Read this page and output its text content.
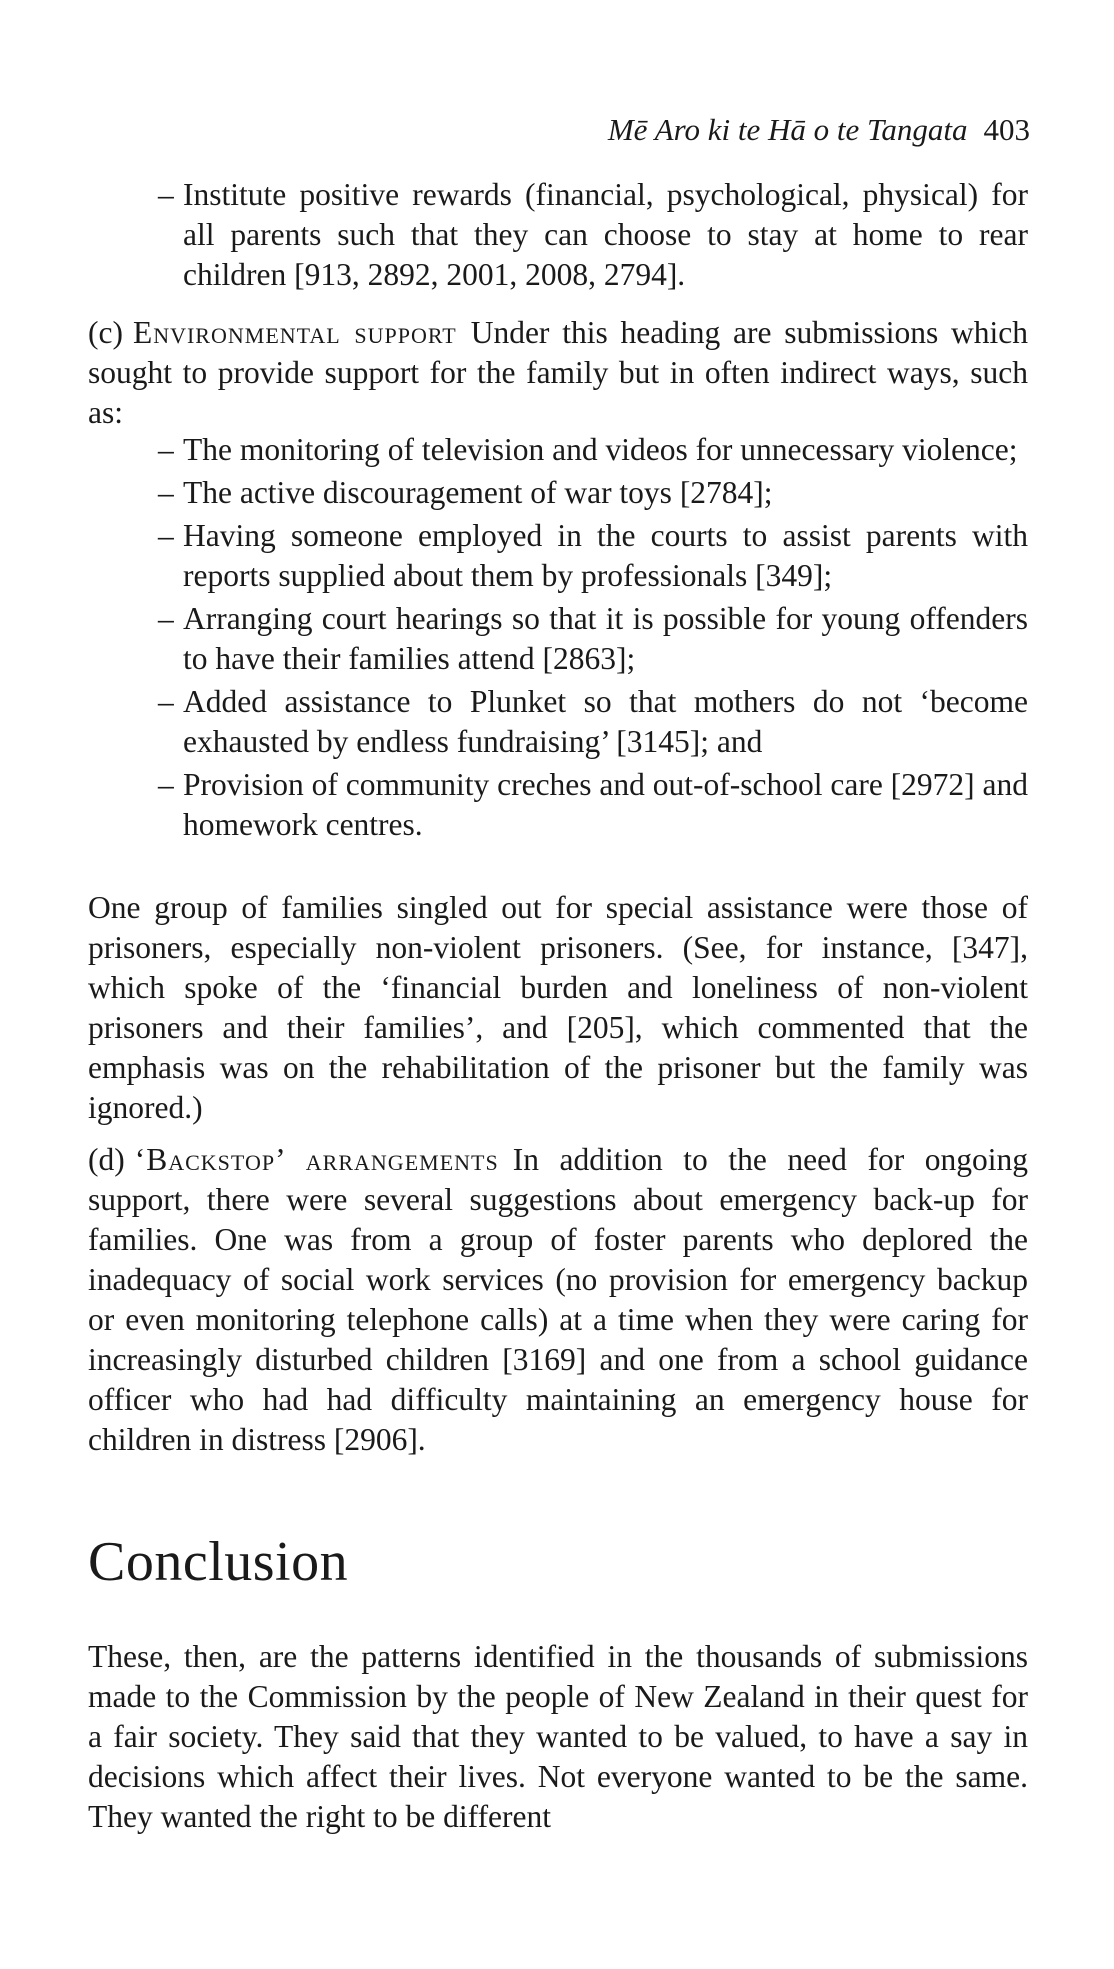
Mē Aro ki te Hā o te Tangata 403
– Institute positive rewards (financial, psychological, physical) for all parents such that they can choose to stay at home to rear children [913, 2892, 2001, 2008, 2794].
(c) Environmental support Under this heading are submissions which sought to provide support for the family but in often indirect ways, such as:
– The monitoring of television and videos for unnecessary violence;
– The active discouragement of war toys [2784];
– Having someone employed in the courts to assist parents with reports supplied about them by professionals [349];
– Arranging court hearings so that it is possible for young offenders to have their families attend [2863];
– Added assistance to Plunket so that mothers do not ‘become exhausted by endless fundraising’ [3145]; and
– Provision of community creches and out-of-school care [2972] and homework centres.
One group of families singled out for special assistance were those of prisoners, especially non-violent prisoners. (See, for instance, [347], which spoke of the ‘financial burden and loneliness of non-violent prisoners and their families’, and [205], which commented that the emphasis was on the rehabilitation of the prisoner but the family was ignored.)
(d) ‘Backstop’ arrangements In addition to the need for ongoing support, there were several suggestions about emergency back-up for families. One was from a group of foster parents who deplored the inadequacy of social work services (no provision for emergency backup or even monitoring telephone calls) at a time when they were caring for increasingly disturbed children [3169] and one from a school guidance officer who had had difficulty maintaining an emergency house for children in distress [2906].
Conclusion
These, then, are the patterns identified in the thousands of submissions made to the Commission by the people of New Zealand in their quest for a fair society. They said that they wanted to be valued, to have a say in decisions which affect their lives. Not everyone wanted to be the same. They wanted the right to be different
